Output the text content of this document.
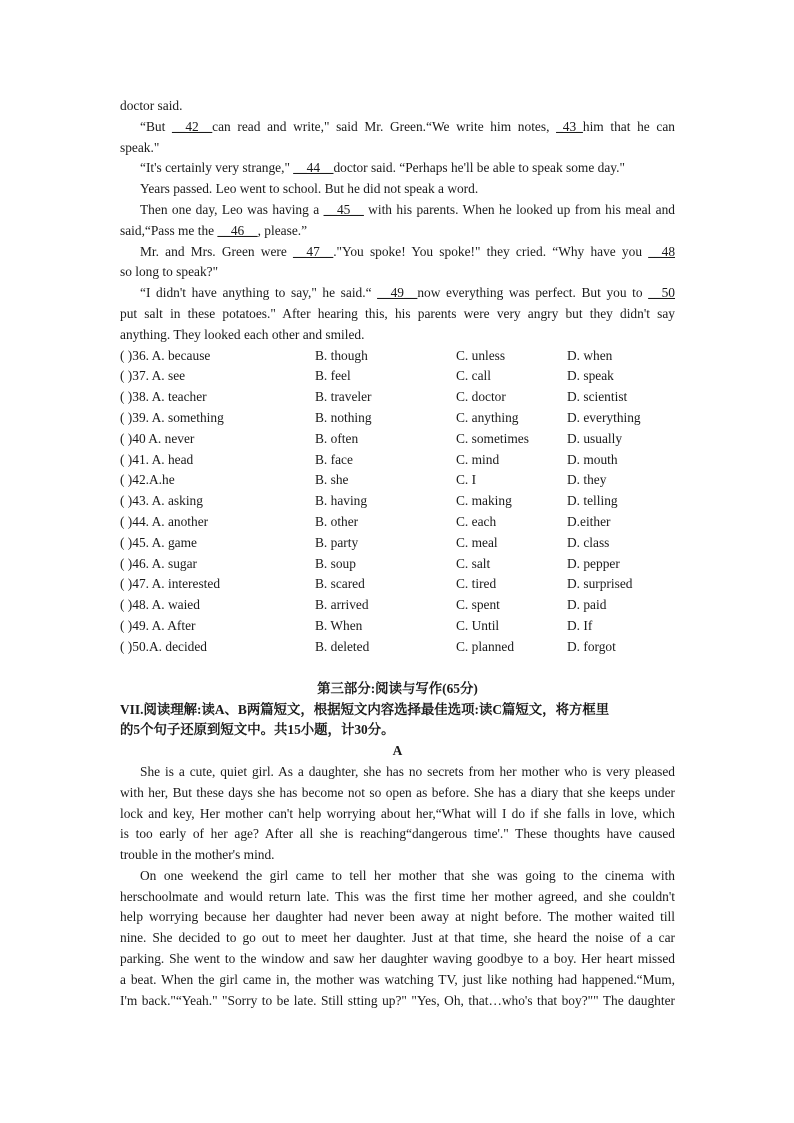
doctor said.
“But __42__can read and write," said Mr. Green.“We write him notes, _43_him that he can
speak."
“It's certainly very strange," __44__doctor said. “Perhaps he'll be able to speak some day."
Years passed. Leo went to school. But he did not speak a word.
Then one day, Leo was having a __45__ with his parents. When he looked up from his meal and
said,“Pass me the __46__, please.”
Mr. and Mrs. Green were __47__."You spoke! You spoke!" they cried. “Why have you __48
so long to speak?"
“I didn't have anything to say," he said.“ __49__now everything was perfect. But you to __50
put salt in these potatoes." After hearing this, his parents were very angry but they didn't say
anything. They looked each other and smiled.
( )36. A. because	B. though	C. unless	D. when
( )37. A. see	B. feel	C. call	D. speak
( )38. A. teacher	B. traveler	C. doctor	D. scientist
( )39. A. something	B. nothing	C. anything	D. everything
( )40 A. never	B. often	C. sometimes	D. usually
( )41. A. head	B. face	C. mind	D. mouth
( )42.A.he	B. she	C. I	D. they
( )43. A. asking	B. having	C. making	D. telling
( )44. A. another	B. other	C. each	D.either
( )45. A. game	B. party	C. meal	D. class
( )46. A. sugar	B. soup	C. salt	D. pepper
( )47. A. interested	B. scared	C. tired	D. surprised
( )48. A. waied	B. arrived	C. spent	D. paid
( )49. A. After	B. When	C. Until	D. If
( )50.A. decided	B. deleted	C. planned	D. forgot
第三部分:阅读与写作(65分)
VII.阅读理解:读A、B两篇短文，根据短文内容选择最佳选项:读C篇短文，将方框里
的5个句子还原到短文中。共15小题，计30分。
A
She is a cute, quiet girl. As a daughter, she has no secrets from her mother who is very pleased
with her, But these days she has become not so open as before. She has a diary that she keeps under
lock and key, Her mother can't help worrying about her,“What will I do if she falls in love, which
is too early of her age? After all she is reaching“dangerous time'." These thoughts have caused
trouble in the mother's mind.
On one weekend the girl came to tell her mother that she was going to the cinema with
herschoolmate and would return late. This was the first time her mother agreed, and she couldn't
help worrying because her daughter had never been away at night before. The mother waited till
nine. She decided to go out to meet her daughter. Just at that time, she heard the noise of a car
parking. She went to the window and saw her daughter waving goodbye to a boy. Her heart missed
a beat. When the girl came in, the mother was watching TV, just like nothing had happened.“Mum,
I'm back."“Yeah." "Sorry to be late. Still stting up?" "Yes, Oh, that…who's that boy?"" The daughter
